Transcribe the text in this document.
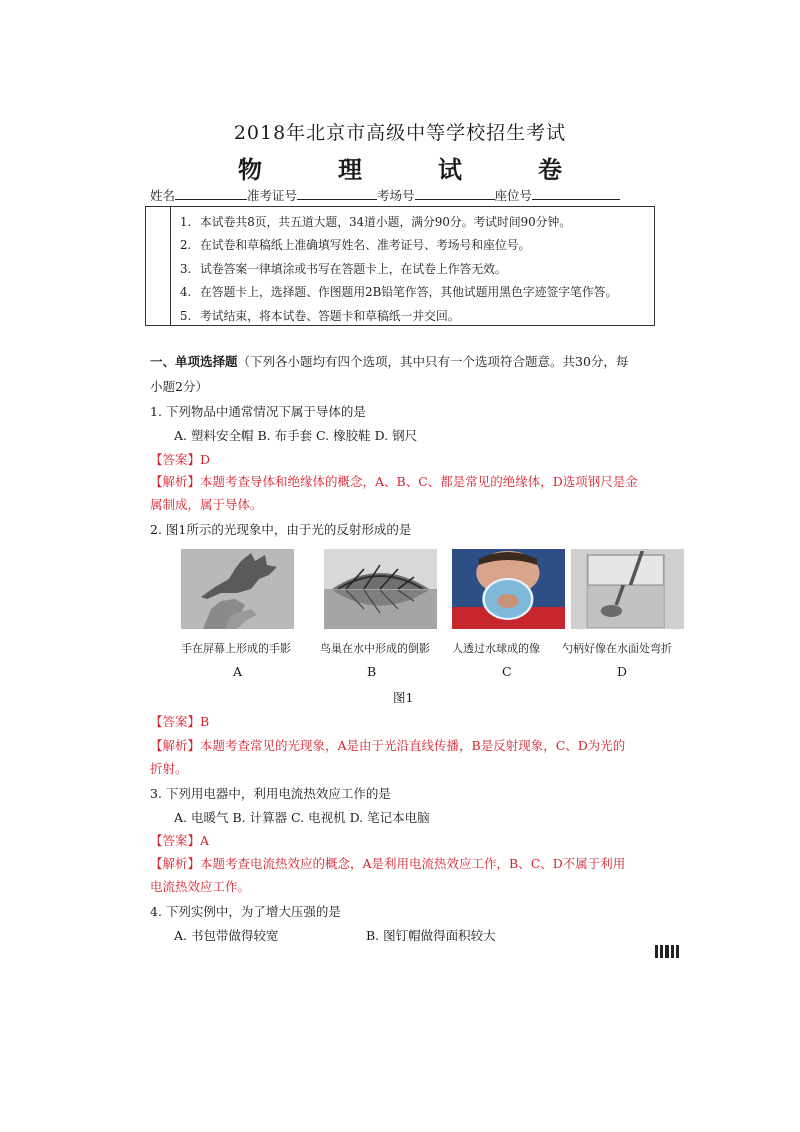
2018年北京市高级中等学校招生考试
物	理	试	卷
姓名	准考证号	考场号	座位号
1. 本试卷共8页，共五道大题，34道小题，满分90分。考试时间90分钟。
2. 在试卷和草稿纸上准确填写姓名、准考证号、考场号和座位号。
3. 试卷答案一律填涂或书写在答题卡上，在试卷上作答无效。
4. 在答题卡上，选择题、作图题用2B铅笔作答，其他试题用黑色字迹签字笔作答。
5. 考试结束，将本试卷、答题卡和草稿纸一并交回。
一、单项选择题（下列各小题均有四个选项，其中只有一个选项符合题意。共30分，每
小题2分）
1. 下列物品中通常情况下属于导体的是
A. 塑料安全帽 B. 布手套 C. 橡胶鞋 D. 钢尺
【答案】D
【解析】本题考查导体和绝缘体的概念，A、B、C、都是常见的绝缘体，D选项钢尺是金
属制成，属于导体。
2. 图1所示的光现象中，由于光的反射形成的是
手在屏幕上形成的手影	鸟巢在水中形成的倒影 人透过水球成的像 勺柄好像在水面处弯折
A	B	C	D
图1
【答案】B
【解析】本题考查常见的光现象，A是由于光沿直线传播，B是反射现象，C、D为光的
折射。
3. 下列用电器中，利用电流热效应工作的是
A. 电暖气 B. 计算器 C. 电视机 D. 笔记本电脑
【答案】A
【解析】本题考查电流热效应的概念，A是利用电流热效应工作，B、C、D不属于利用
电流热效应工作。
4. 下列实例中，为了增大压强的是
A. 书包带做得较宽	B. 图钉帽做得面积较大
